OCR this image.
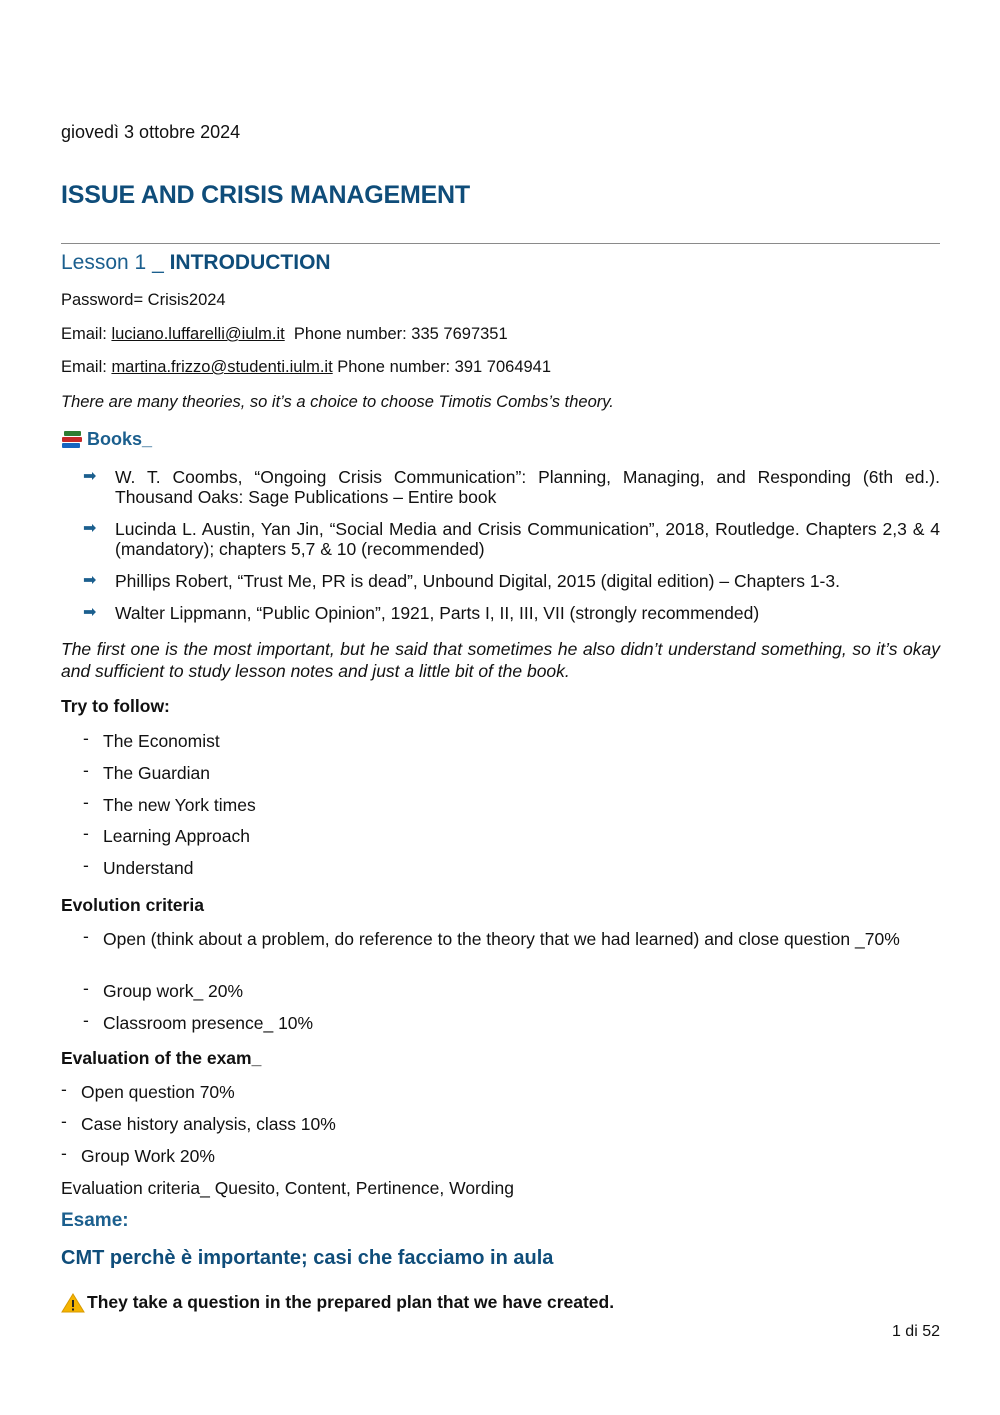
giovedì 3 ottobre 2024
ISSUE AND CRISIS MANAGEMENT
Lesson 1 _ INTRODUCTION
Password= Crisis2024
Email: luciano.luffarelli@iulm.it  Phone number: 335 7697351
Email: martina.frizzo@studenti.iulm.it Phone number: 391 7064941
There are many theories, so it’s a choice to choose Timotis Combs’s theory.
Books_
➡ W. T. Coombs, “Ongoing Crisis Communication”: Planning, Managing, and Responding (6th ed.). Thousand Oaks: Sage Publications – Entire book
➡ Lucinda L. Austin, Yan Jin, “Social Media and Crisis Communication”, 2018, Routledge. Chapters 2,3 & 4 (mandatory); chapters 5,7 & 10 (recommended)
➡ Phillips Robert, “Trust Me, PR is dead”, Unbound Digital, 2015 (digital edition) – Chapters 1-3.
➡ Walter Lippmann, “Public Opinion”, 1921, Parts I, II, III, VII (strongly recommended)
The first one is the most important, but he said that sometimes he also didn’t understand something, so it’s okay and sufficient to study lesson notes and just a little bit of the book.
Try to follow:
- The Economist
- The Guardian
- The new York times
- Learning Approach
- Understand
Evolution criteria
- Open (think about a problem, do reference to the theory that we had learned) and close question _70%
- Group work_ 20%
- Classroom presence_ 10%
Evaluation of the exam_
- Open question 70%
- Case history analysis, class 10%
- Group Work 20%
Evaluation criteria_ Quesito, Content, Pertinence, Wording
Esame:
CMT perchè è importante; casi che facciamo in aula
They take a question in the prepared plan that we have created.
1 di 52
